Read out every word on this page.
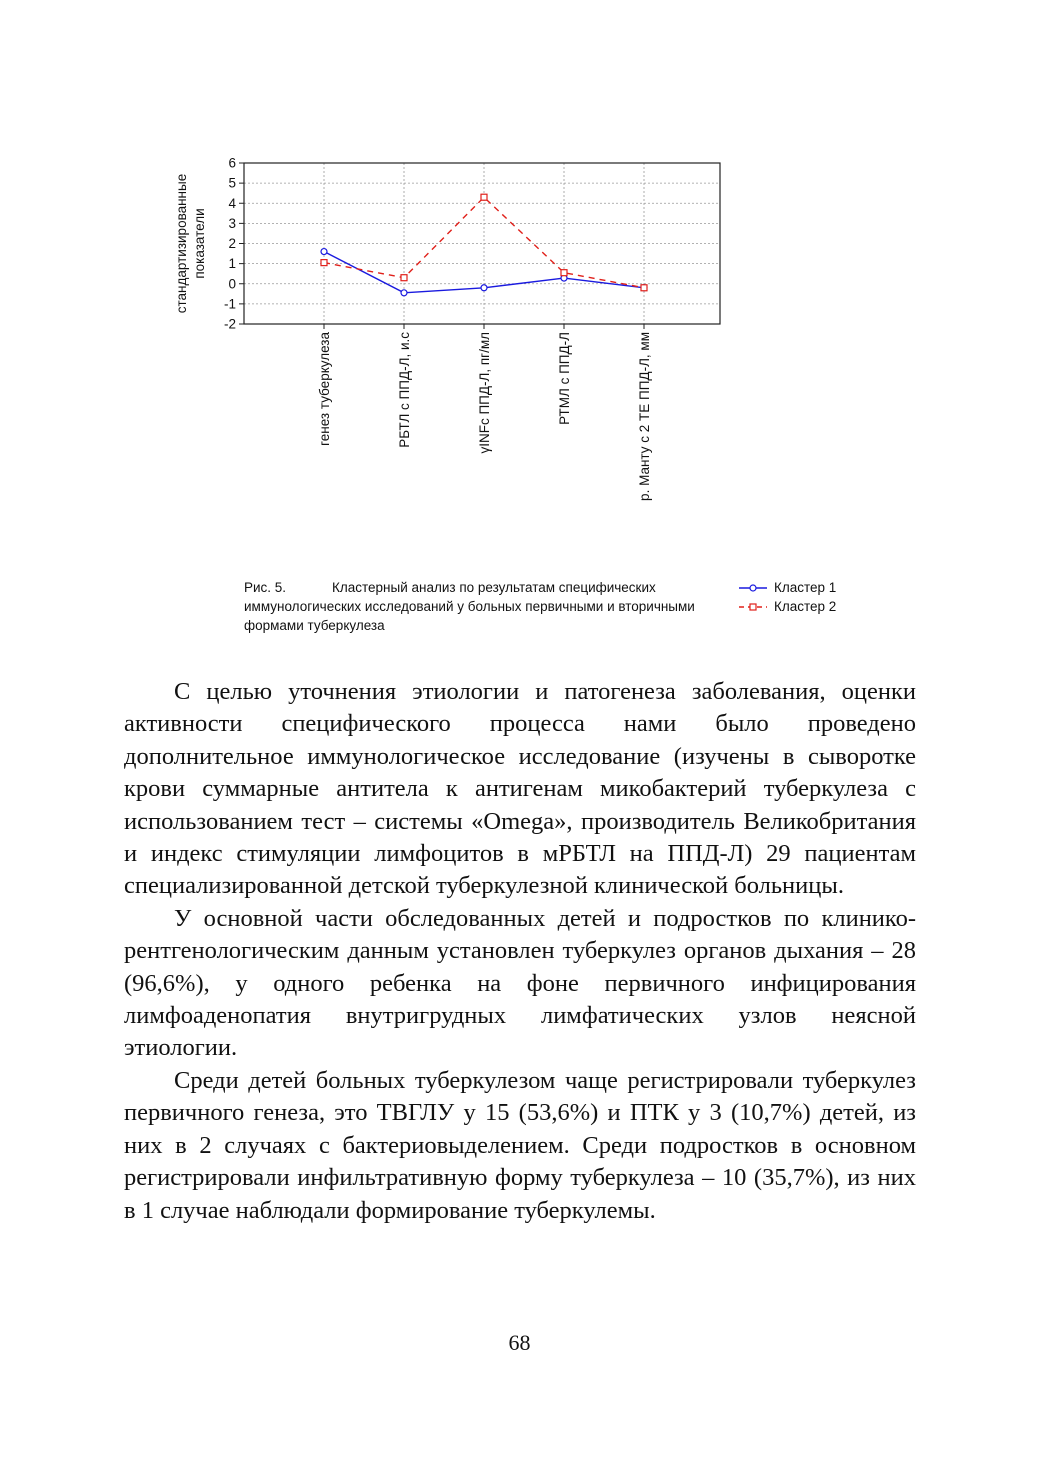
стандартизированные показатели
6
5
4
3
2
1
0
-1
-2
генез туберкулеза	РБТЛ с ППД-Л, и.с	γINFc ППД-Л, пг/мл	РТМЛ с ППД-Л	р. Манту с 2 ТЕ ППД-Л, мм
Рис. 5.	Кластерный анализ по результатам специфических иммунологических исследований у больных первичными и вторичными формами туберкулеза
Кластер 1
Кластер 2

С целью уточнения этиологии и патогенеза заболевания, оценки активности специфического процесса нами было проведено дополнительное иммунологическое исследование (изучены в сыворотке крови суммарные антитела к антигенам микобактерий туберкулеза с использованием тест – системы «Omega», производитель Великобритания и индекс стимуляции лимфоцитов в мРБТЛ на ППД-Л) 29 пациентам специализированной детской туберкулезной клинической больницы.

У основной части обследованных детей и подростков по клинико-рентгенологическим данным установлен туберкулез органов дыхания – 28 (96,6%), у одного ребенка на фоне первичного инфицирования лимфоаденопатия внутригрудных лимфатических узлов неясной этиологии.

Среди детей больных туберкулезом чаще регистрировали туберкулез первичного генеза, это ТВГЛУ у 15 (53,6%) и ПТК у 3 (10,7%) детей, из них в 2 случаях с бактериовыделением. Среди подростков в основном регистрировали инфильтративную форму туберкулеза – 10 (35,7%), из них в 1 случае наблюдали формирование туберкулемы.

68
